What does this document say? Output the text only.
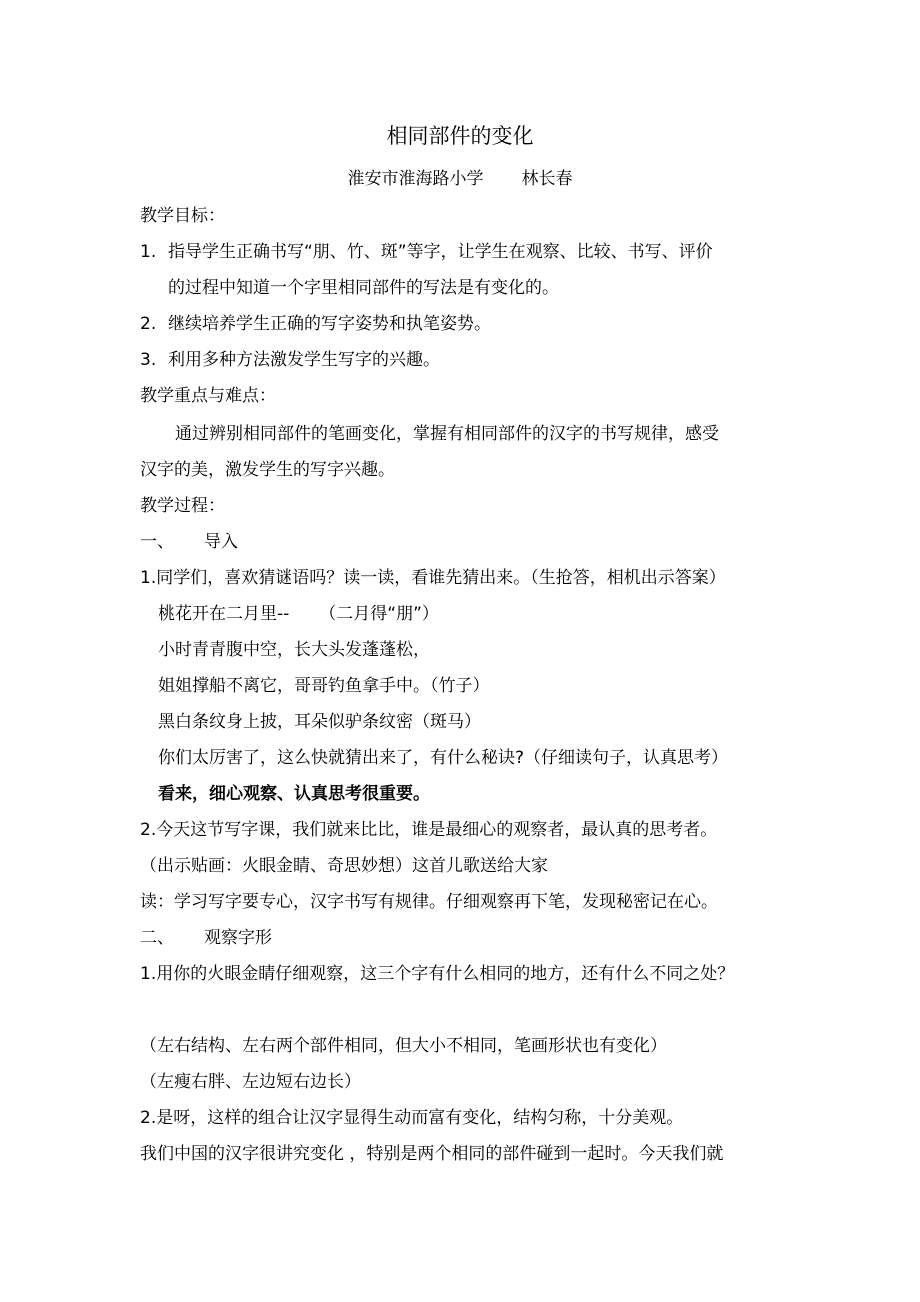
相同部件的变化
淮安市淮海路小学 林长春
教学目标：
1. 指导学生正确书写“朋、竹、斑”等字，让学生在观察、比较、书写、评价
的过程中知道一个字里相同部件的写法是有变化的。
2. 继续培养学生正确的写字姿势和执笔姿势。
3. 利用多种方法激发学生写字的兴趣。
教学重点与难点：
通过辨别相同部件的笔画变化，掌握有相同部件的汉字的书写规律，感受
汉字的美，激发学生的写字兴趣。
教学过程：
一、 导入
1.同学们，喜欢猜谜语吗？读一读，看谁先猜出来。（生抢答，相机出示答案）
桃花开在二月里-- （二月得“朋”）
小时青青腹中空，长大头发蓬蓬松，
姐姐撑船不离它，哥哥钓鱼拿手中。（竹子）
黑白条纹身上披，耳朵似驴条纹密（斑马）
你们太厉害了，这么快就猜出来了，有什么秘诀?（仔细读句子，认真思考）
看来，细心观察、认真思考很重要。
2.今天这节写字课，我们就来比比，谁是最细心的观察者，最认真的思考者。
（出示贴画：火眼金睛、奇思妙想）这首儿歌送给大家
读：学习写字要专心，汉字书写有规律。仔细观察再下笔，发现秘密记在心。
二、 观察字形
1.用你的火眼金睛仔细观察，这三个字有什么相同的地方，还有什么不同之处？
（左右结构、左右两个部件相同，但大小不相同，笔画形状也有变化）
（左瘦右胖、左边短右边长）
2.是呀，这样的组合让汉字显得生动而富有变化，结构匀称，十分美观。
我们中国的汉字很讲究变化 ，特别是两个相同的部件碰到一起时。今天我们就
